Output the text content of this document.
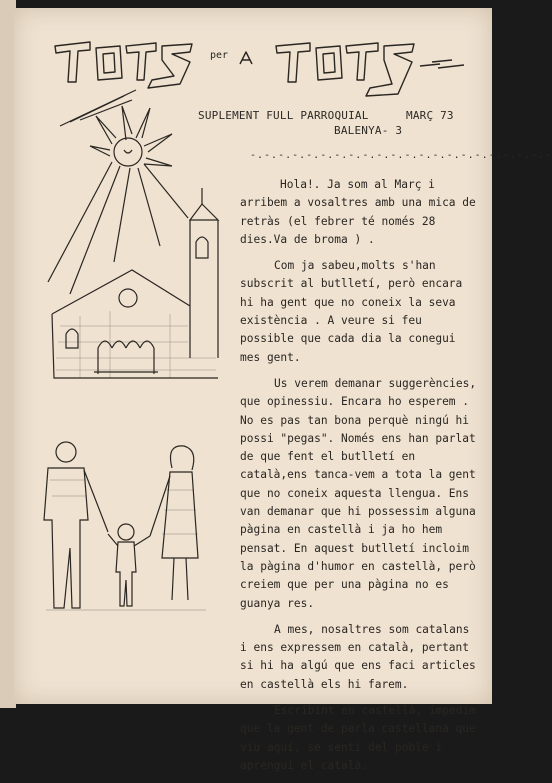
per
SUPLEMENT FULL PARROQUIAL	MARÇ 73
BALENYA- 3
-.-.-.-.-.-.-.-.-.-.-.-.-.-.-.-.-.-.-.-.-.-

Hola!. Ja som al Març i arribem a vosaltres amb una mica de retràs (el febrer té només 28 dies.Va de broma ) .

Com ja sabeu,molts s'han subscrit al butlletí, però encara hi ha gent que no coneix la seva existència . A veure si feu possible que cada dia la conegui mes gent.

Us verem demanar suggerències, que opinessiu. Encara ho esperem . No es pas tan bona perquè ningú hi possi "pegas". Només ens han parlat de que fent el butlletí en català,ens tanca-vem a tota la gent que no coneix aquesta llengua. Ens van demanar que hi possessim alguna pàgina en castellà i ja ho hem pensat. En aquest butlletí incloim la pàgina d'humor en castellà, però creiem que per una pàgina no es guanya res.

A mes, nosaltres som catalans i ens expressem en català, pertant si hi ha algú que ens faci articles en castellà els hi farem.

Escribint en castellà, impedim que la gent de parla castellana que viu aquí, se senti del poble i aprengui el català.
